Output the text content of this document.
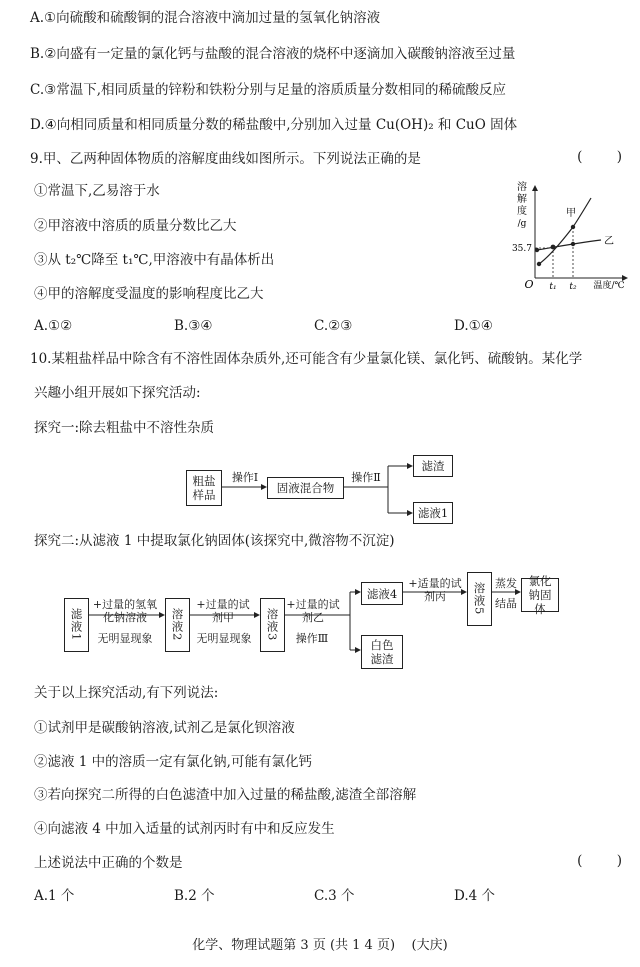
A.①向硫酸和硫酸铜的混合溶液中滴加过量的氢氧化钠溶液
B.②向盛有一定量的氯化钙与盐酸的混合溶液的烧杯中逐滴加入碳酸钠溶液至过量
C.③常温下,相同质量的锌粉和铁粉分别与足量的溶质质量分数相同的稀硫酸反应
D.④向相同质量和相同质量分数的稀盐酸中,分别加入过量 Cu(OH)₂ 和 CuO 固体
9.甲、乙两种固体物质的溶解度曲线如图所示。下列说法正确的是	(        )
①常温下,乙易溶于水
②甲溶液中溶质的质量分数比乙大
③从 t₂℃降至 t₁℃,甲溶液中有晶体析出
④甲的溶解度受温度的影响程度比乙大
A.①②	B.③④	C.②③	D.①④
溶
解
度
/g
35.7
O t₁ t₂ 温度/℃
甲
乙
10.某粗盐样品中除含有不溶性固体杂质外,还可能含有少量氯化镁、氯化钙、硫酸钠。某化学
兴趣小组开展如下探究活动:
探究一:除去粗盐中不溶性杂质
粗盐样品
操作Ⅰ
固液混合物
操作Ⅱ
滤渣
滤液1
探究二:从滤液 1 中提取氯化钠固体(该探究中,微溶物不沉淀)
滤液1
+过量的氢氧化钠溶液
无明显现象	溶液2
+过量的试剂甲
无明显现象	溶液3
+过量的试剂乙
操作Ⅲ
滤液4
+适量的试剂丙	溶液5 蒸发
结晶
氯化钠固体
白色滤渣
关于以上探究活动,有下列说法:
①试剂甲是碳酸钠溶液,试剂乙是氯化钡溶液
②滤液 1 中的溶质一定有氯化钠,可能有氯化钙
③若向探究二所得的白色滤渣中加入过量的稀盐酸,滤渣全部溶解
④向滤液 4 中加入适量的试剂丙时有中和反应发生
上述说法中正确的个数是	(        )
A.1 个	B.2 个	C.3 个	D.4 个
化学、物理试题第 3 页 (共 1 4 页)    (大庆)
